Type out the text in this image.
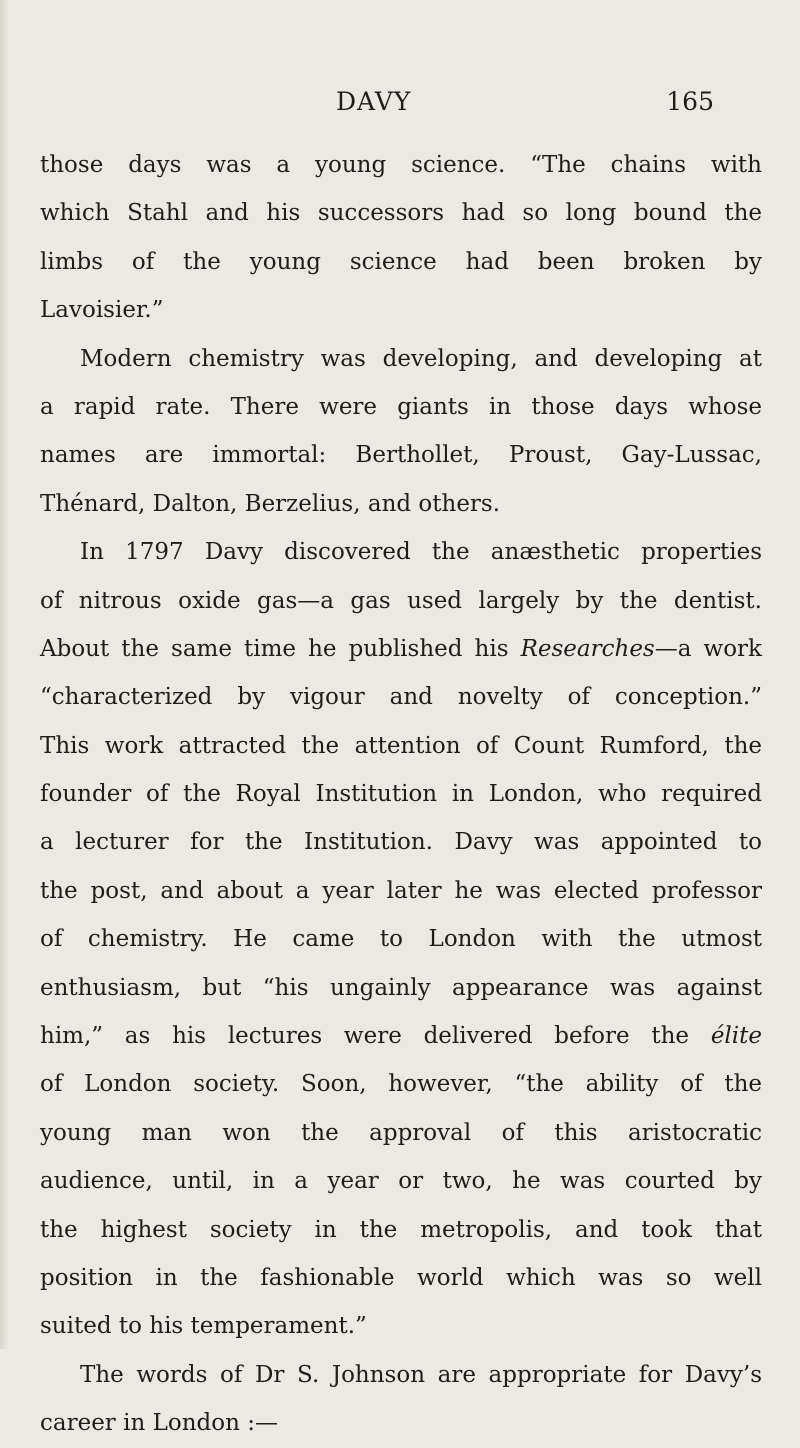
DAVY	165
those days was a young science. “The chains with
which Stahl and his successors had so long bound the
limbs of the young science had been broken by
Lavoisier.”
Modern chemistry was developing, and developing at
a rapid rate. There were giants in those days whose
names are immortal: Berthollet, Proust, Gay-Lussac,
Thénard, Dalton, Berzelius, and others.
In 1797 Davy discovered the anæsthetic properties
of nitrous oxide gas—a gas used largely by the dentist.
About the same time he published his Researches—a work
“characterized by vigour and novelty of conception.”
This work attracted the attention of Count Rumford, the
founder of the Royal Institution in London, who required
a lecturer for the Institution. Davy was appointed to
the post, and about a year later he was elected professor
of chemistry. He came to London with the utmost
enthusiasm, but “his ungainly appearance was against
him,” as his lectures were delivered before the élite
of London society. Soon, however, “the ability of the
young man won the approval of this aristocratic
audience, until, in a year or two, he was courted by
the highest society in the metropolis, and took that
position in the fashionable world which was so well
suited to his temperament.”
The words of Dr S. Johnson are appropriate for Davy’s
career in London :—
